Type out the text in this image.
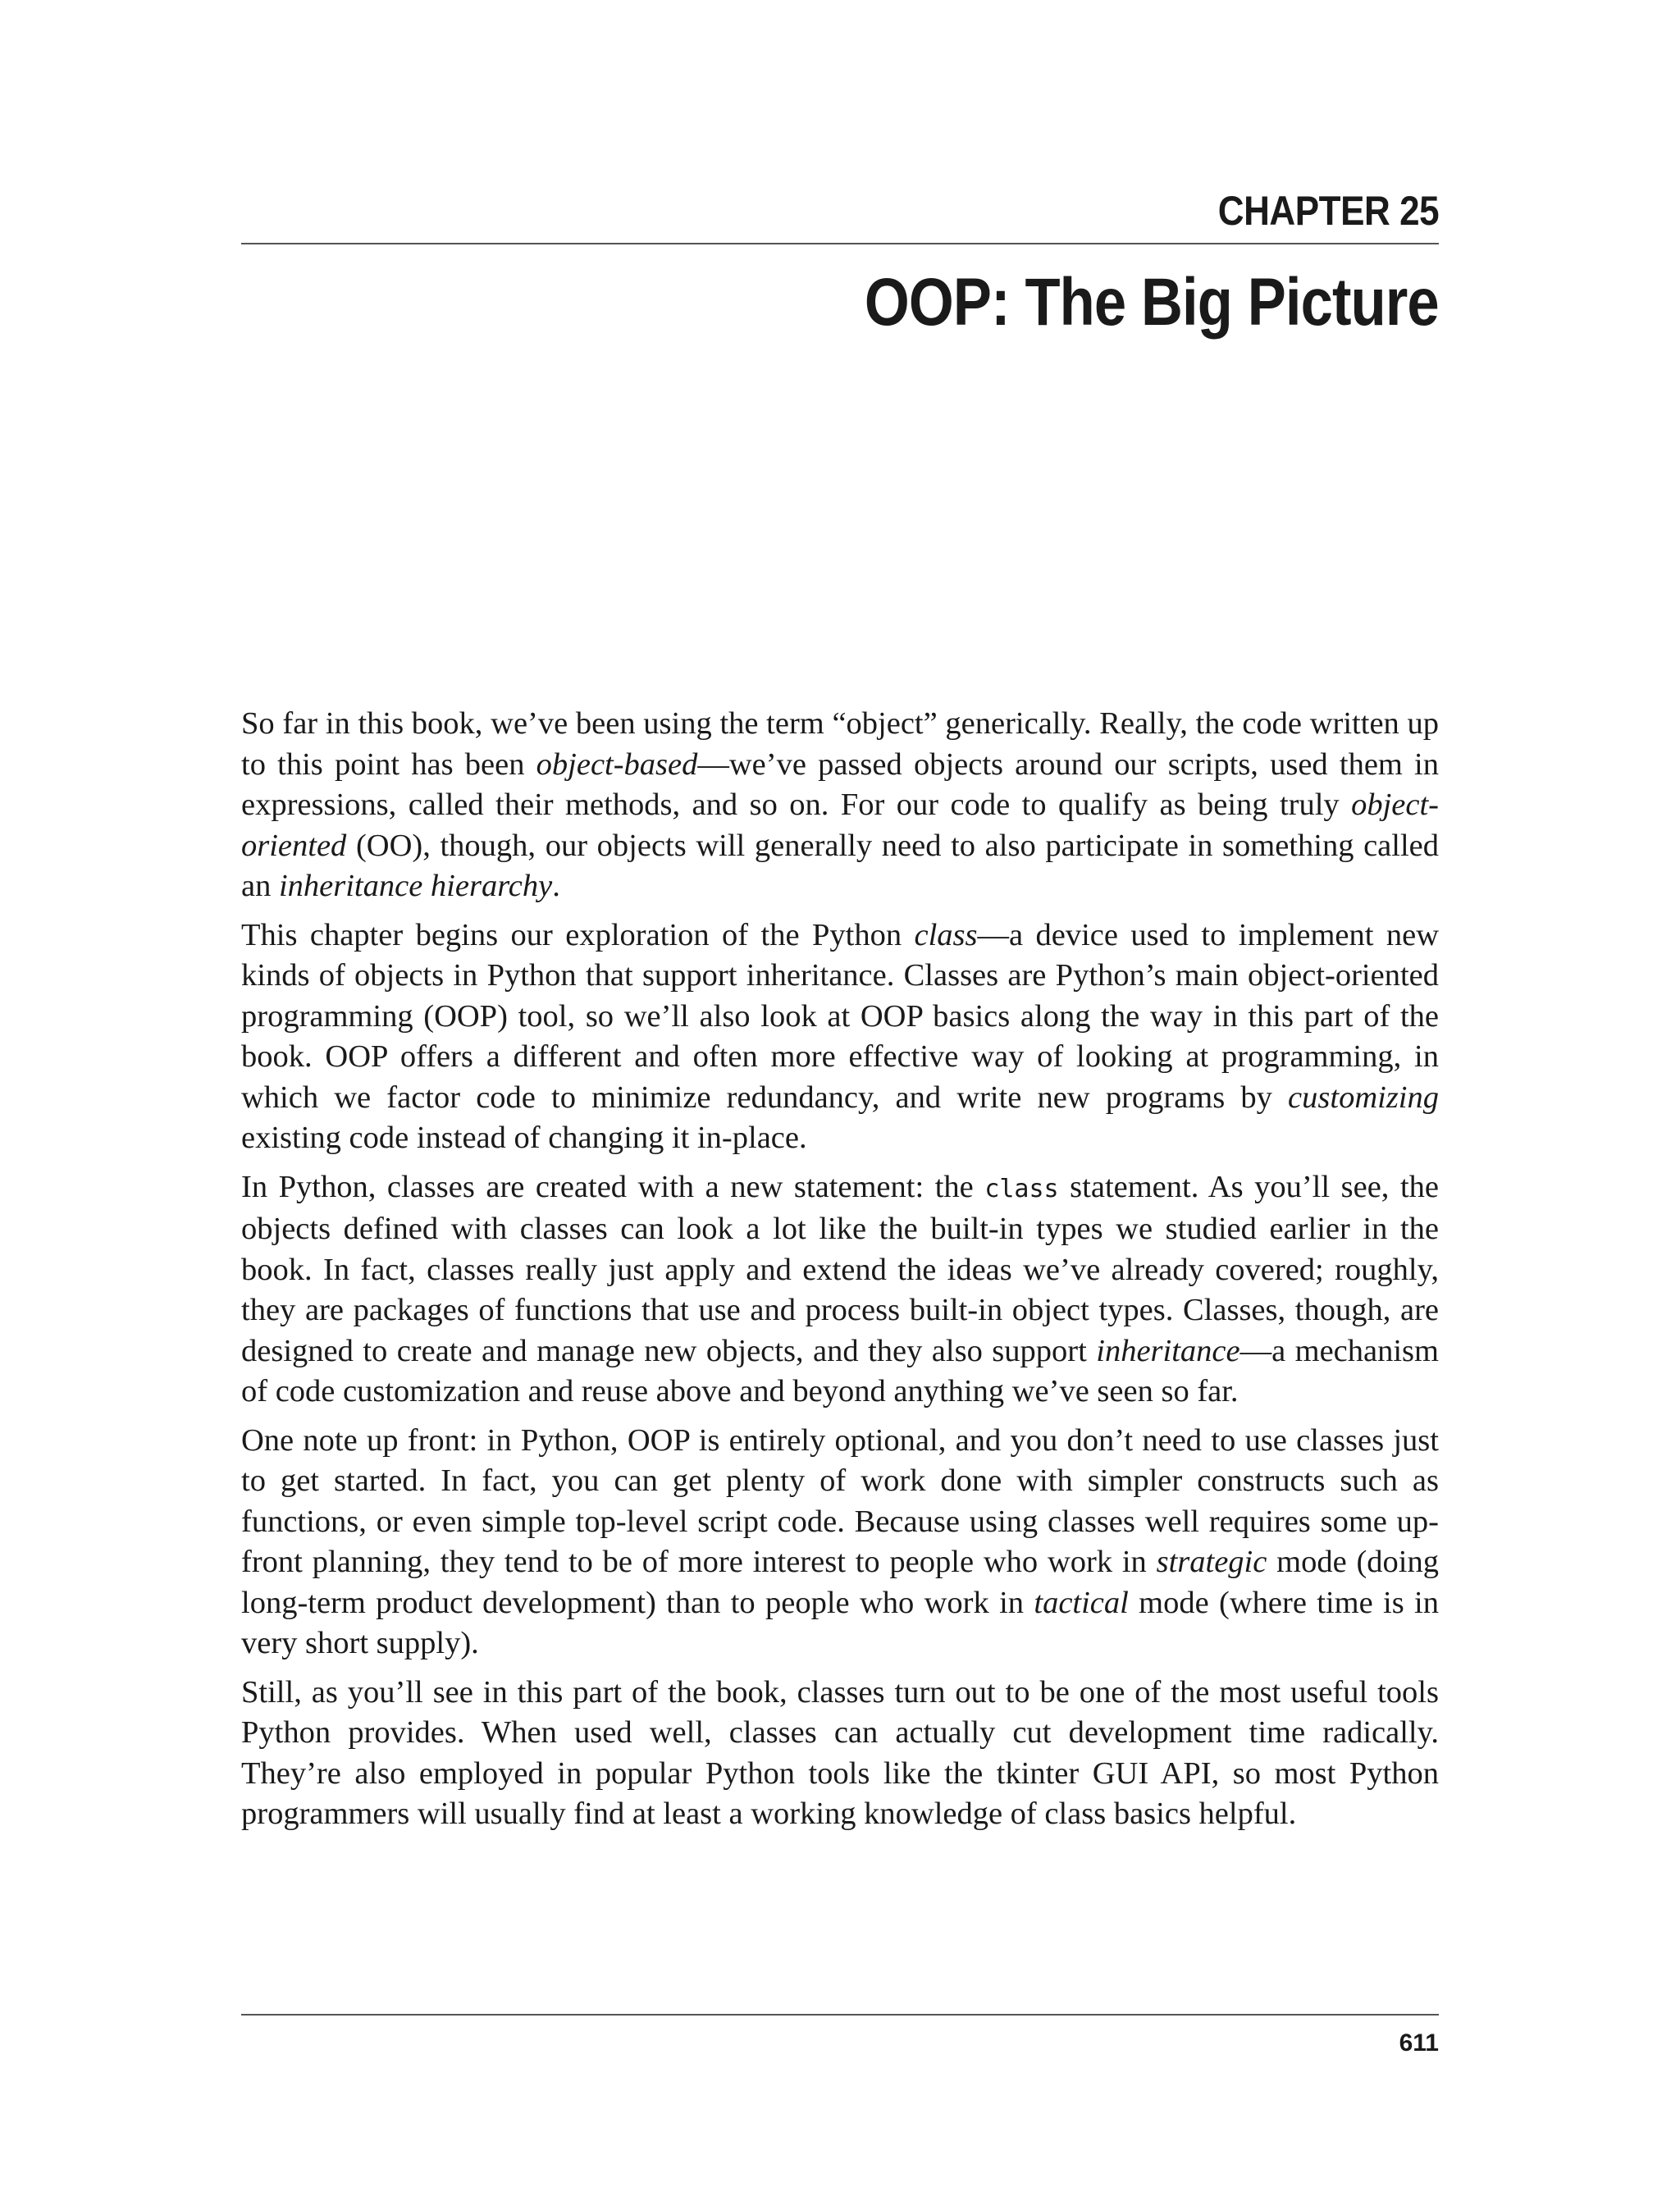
CHAPTER 25
OOP: The Big Picture

So far in this book, we’ve been using the term “object” generically. Really, the code written up to this point has been object-based—we’ve passed objects around our scripts, used them in expressions, called their methods, and so on. For our code to qualify as being truly object-oriented (OO), though, our objects will generally need to also participate in something called an inheritance hierarchy.

This chapter begins our exploration of the Python class—a device used to implement new kinds of objects in Python that support inheritance. Classes are Python’s main object-oriented programming (OOP) tool, so we’ll also look at OOP basics along the way in this part of the book. OOP offers a different and often more effective way of looking at programming, in which we factor code to minimize redundancy, and write new programs by customizing existing code instead of changing it in-place.

In Python, classes are created with a new statement: the class statement. As you’ll see, the objects defined with classes can look a lot like the built-in types we studied earlier in the book. In fact, classes really just apply and extend the ideas we’ve already covered; roughly, they are packages of functions that use and process built-in object types. Classes, though, are designed to create and manage new objects, and they also support inheritance—a mechanism of code customization and reuse above and beyond anything we’ve seen so far.

One note up front: in Python, OOP is entirely optional, and you don’t need to use classes just to get started. In fact, you can get plenty of work done with simpler constructs such as functions, or even simple top-level script code. Because using classes well requires some up-front planning, they tend to be of more interest to people who work in strategic mode (doing long-term product development) than to people who work in tactical mode (where time is in very short supply).

Still, as you’ll see in this part of the book, classes turn out to be one of the most useful tools Python provides. When used well, classes can actually cut development time radically. They’re also employed in popular Python tools like the tkinter GUI API, so most Python programmers will usually find at least a working knowledge of class basics helpful.

611
